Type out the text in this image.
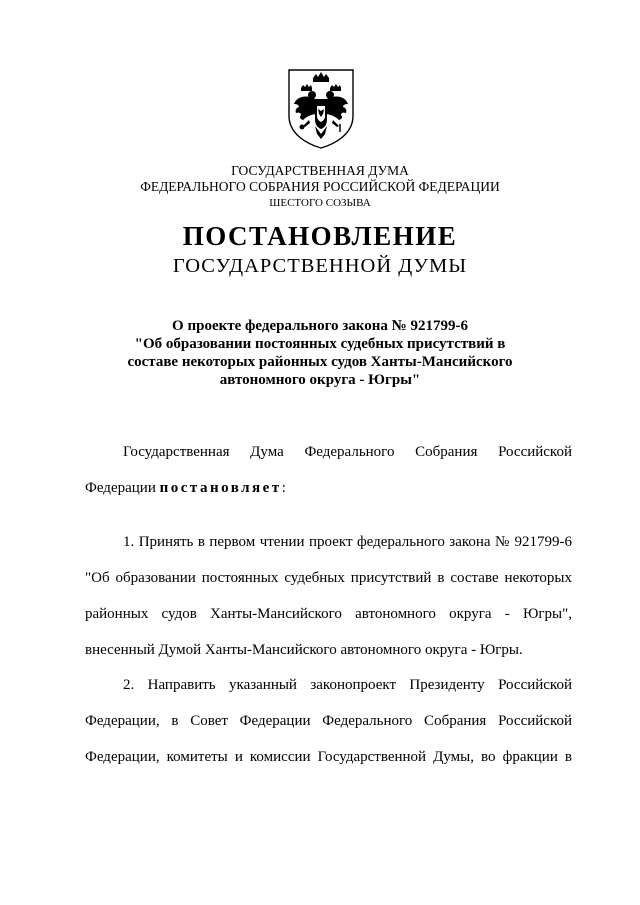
ГОСУДАРСТВЕННАЯ ДУМА

ФЕДЕРАЛЬНОГО СОБРАНИЯ РОССИЙСКОЙ ФЕДЕРАЦИИ

ШЕСТОГО СОЗЫВА

ПОСТАНОВЛЕНИЕ

ГОСУДАРСТВЕННОЙ ДУМЫ

О проекте федерального закона № 921799-6
"Об образовании постоянных судебных присутствий в
составе некоторых районных судов Ханты-Мансийского
автономного округа - Югры"
Государственная Дума Федерального Собрания Российской
Федерации постановляет:
1. Принять в первом чтении проект федерального закона № 921799-6
"Об образовании постоянных судебных присутствий в составе некоторых
районных судов Ханты-Мансийского автономного округа - Югры",
внесенный Думой Ханты-Мансийского автономного округа - Югры.
2. Направить указанный законопроект Президенту Российской
Федерации, в Совет Федерации Федерального Собрания Российской
Федерации, комитеты и комиссии Государственной Думы, во фракции в
